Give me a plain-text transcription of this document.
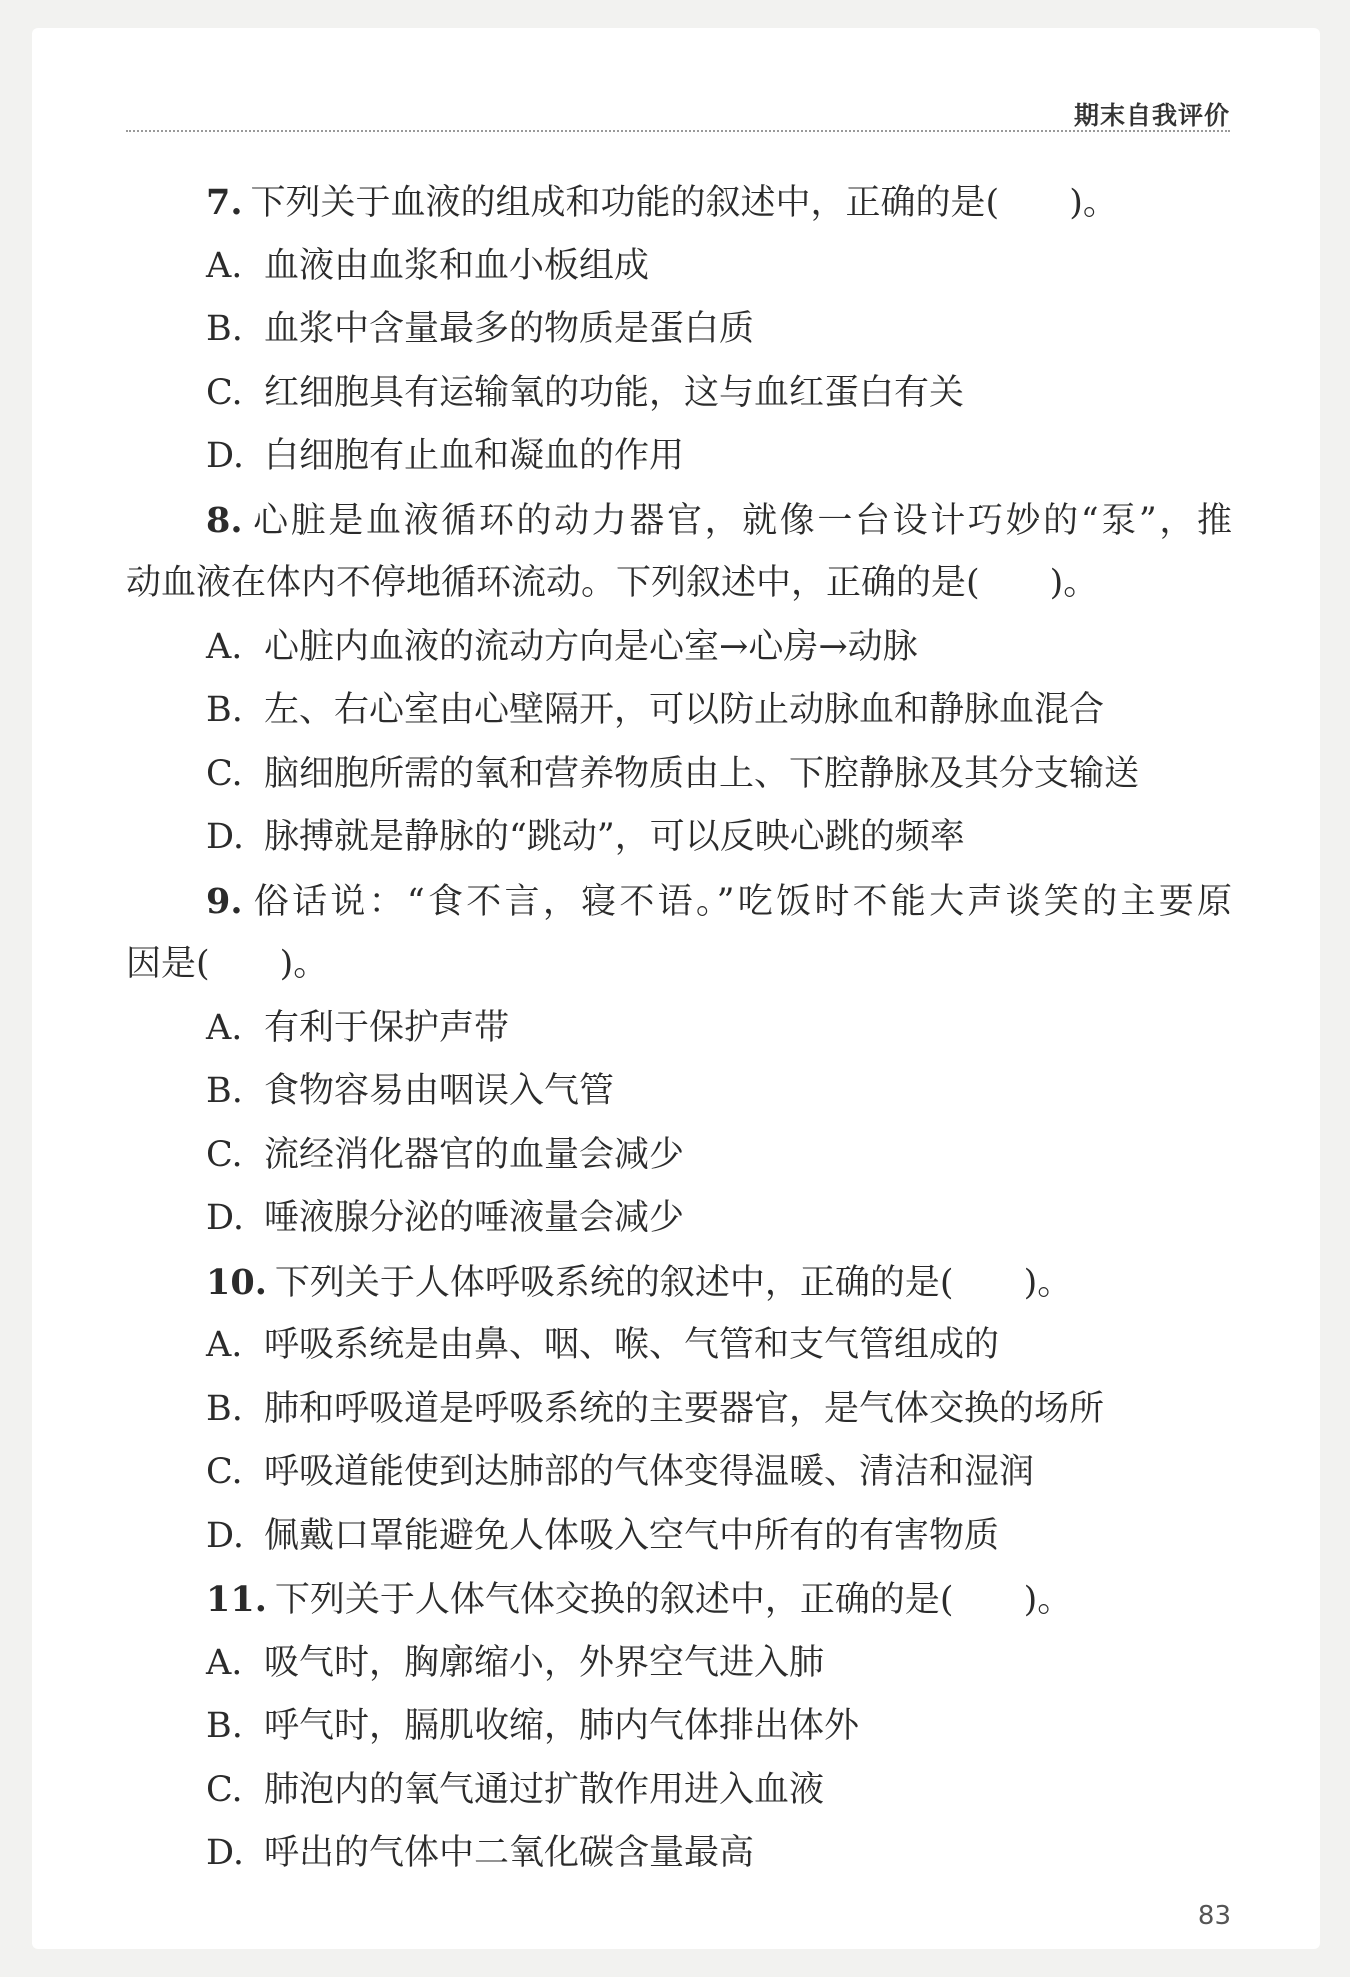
期末自我评价
7. 下列关于血液的组成和功能的叙述中，正确的是(　　)。
A. 血液由血浆和血小板组成
B. 血浆中含量最多的物质是蛋白质
C. 红细胞具有运输氧的功能，这与血红蛋白有关
D. 白细胞有止血和凝血的作用
8. 心脏是血液循环的动力器官，就像一台设计巧妙的“泵”，推
动血液在体内不停地循环流动。下列叙述中，正确的是(　　)。
A. 心脏内血液的流动方向是心室→心房→动脉
B. 左、右心室由心壁隔开，可以防止动脉血和静脉血混合
C. 脑细胞所需的氧和营养物质由上、下腔静脉及其分支输送
D. 脉搏就是静脉的“跳动”，可以反映心跳的频率
9. 俗话说：“食不言，寝不语。”吃饭时不能大声谈笑的主要原
因是(　　)。
A. 有利于保护声带
B. 食物容易由咽误入气管
C. 流经消化器官的血量会减少
D. 唾液腺分泌的唾液量会减少
10. 下列关于人体呼吸系统的叙述中，正确的是(　　)。
A. 呼吸系统是由鼻、咽、喉、气管和支气管组成的
B. 肺和呼吸道是呼吸系统的主要器官，是气体交换的场所
C. 呼吸道能使到达肺部的气体变得温暖、清洁和湿润
D. 佩戴口罩能避免人体吸入空气中所有的有害物质
11. 下列关于人体气体交换的叙述中，正确的是(　　)。
A. 吸气时，胸廓缩小，外界空气进入肺
B. 呼气时，膈肌收缩，肺内气体排出体外
C. 肺泡内的氧气通过扩散作用进入血液
D. 呼出的气体中二氧化碳含量最高
83
